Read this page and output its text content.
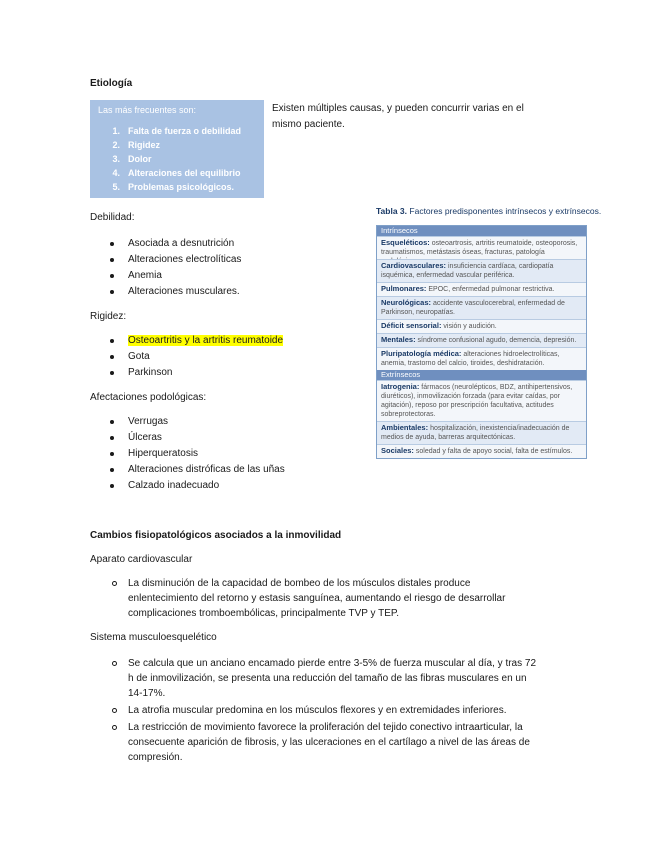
Etiología
Las más frecuentes son:
1. Falta de fuerza o debilidad
2. Rigidez
3. Dolor
4. Alteraciones del equilibrio
5. Problemas psicológicos.
Existen múltiples causas, y pueden concurrir varias en el
mismo paciente.
Debilidad:
Asociada a desnutrición
Alteraciones electrolíticas
Anemia
Alteraciones musculares.
Rigidez:
Osteoartritis y la artritis reumatoide
Gota
Parkinson
Afectaciones podológicas:
Verrugas
Úlceras
Hiperqueratosis
Alteraciones distróficas de las uñas
Calzado inadecuado
Tabla 3. Factores predisponentes intrínsecos y extrínsecos.
Intrínsecos
Esqueléticos: osteoartrosis, artritis reumatoide, osteoporosis, traumatismos, metástasis óseas, fracturas, patología
Cardiovasculares: insuficiencia cardíaca, cardiopatía isquémica, enfermedad vascular periférica.
Pulmonares: EPOC, enfermedad pulmonar restrictiva.
Neurológicas: accidente vasculocerebral, enfermedad de Parkinson, neuropatías.
Déficit sensorial: visión y audición.
Mentales: síndrome confusional agudo, demencia, depresión.
Pluripatología médica: alteraciones hidroelectrolíticas, anemia, trastorno del calcio, tiroides, deshidratación.
Extrínsecos
Iatrogenia: fármacos (neurolépticos, BDZ, antihipertensivos, diuréticos), inmovilización forzada (para evitar caídas, por agitación), reposo por prescripción facultativa, actitudes sobreprotectoras.
Ambientales: hospitalización, inexistencia/inadecuación de medios de ayuda, barreras arquitectónicas.
Sociales: soledad y falta de apoyo social, falta de estímulos.
Cambios fisiopatológicos asociados a la inmovilidad
Aparato cardiovascular
La disminución de la capacidad de bombeo de los músculos distales produce enlentecimiento del retorno y estasis sanguínea, aumentando el riesgo de desarrollar complicaciones tromboembólicas, principalmente TVP y TEP.
Sistema musculoesquelético
Se calcula que un anciano encamado pierde entre 3-5% de fuerza muscular al día, y tras 72 h de inmovilización, se presenta una reducción del tamaño de las fibras musculares en un 14-17%.
La atrofia muscular predomina en los músculos flexores y en extremidades inferiores.
La restricción de movimiento favorece la proliferación del tejido conectivo intraarticular, la consecuente aparición de fibrosis, y las ulceraciones en el cartílago a nivel de las áreas de compresión.
